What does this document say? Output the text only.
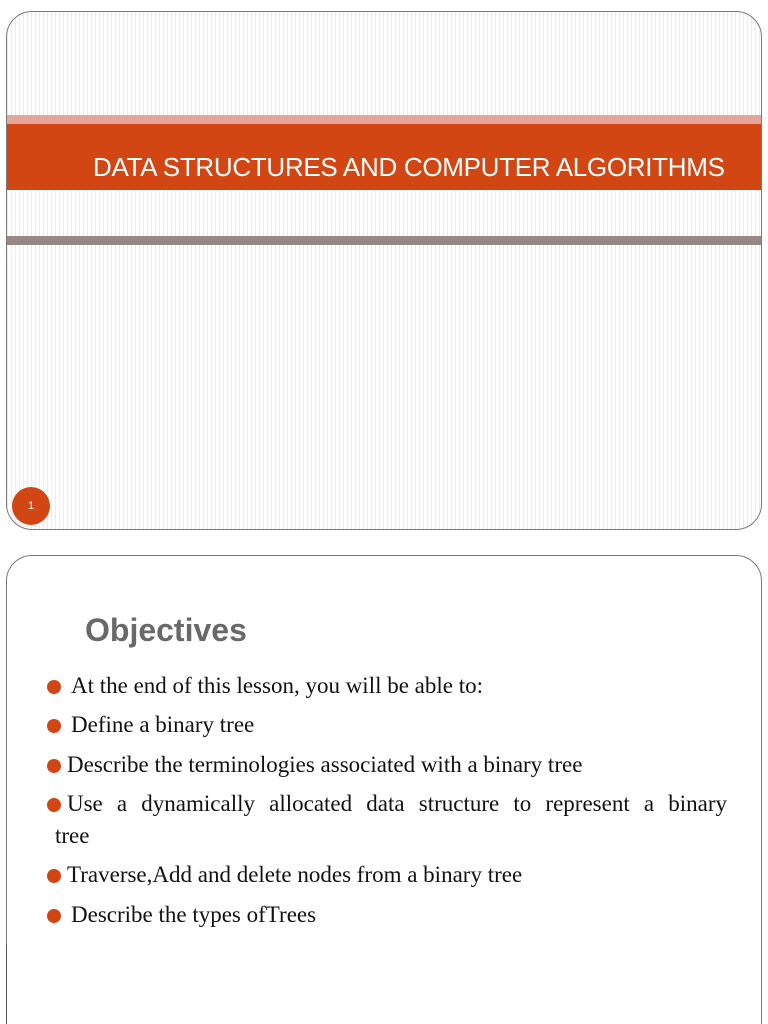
DATA STRUCTURES AND COMPUTER ALGORITHMS
1
Objectives
At the end of this lesson, you will be able to:
Define a binary tree
Describe the terminologies associated with a binary tree
Use a dynamically allocated data structure to represent a binary
tree
Traverse,Add and delete nodes from a binary tree
Describe the types ofTrees
